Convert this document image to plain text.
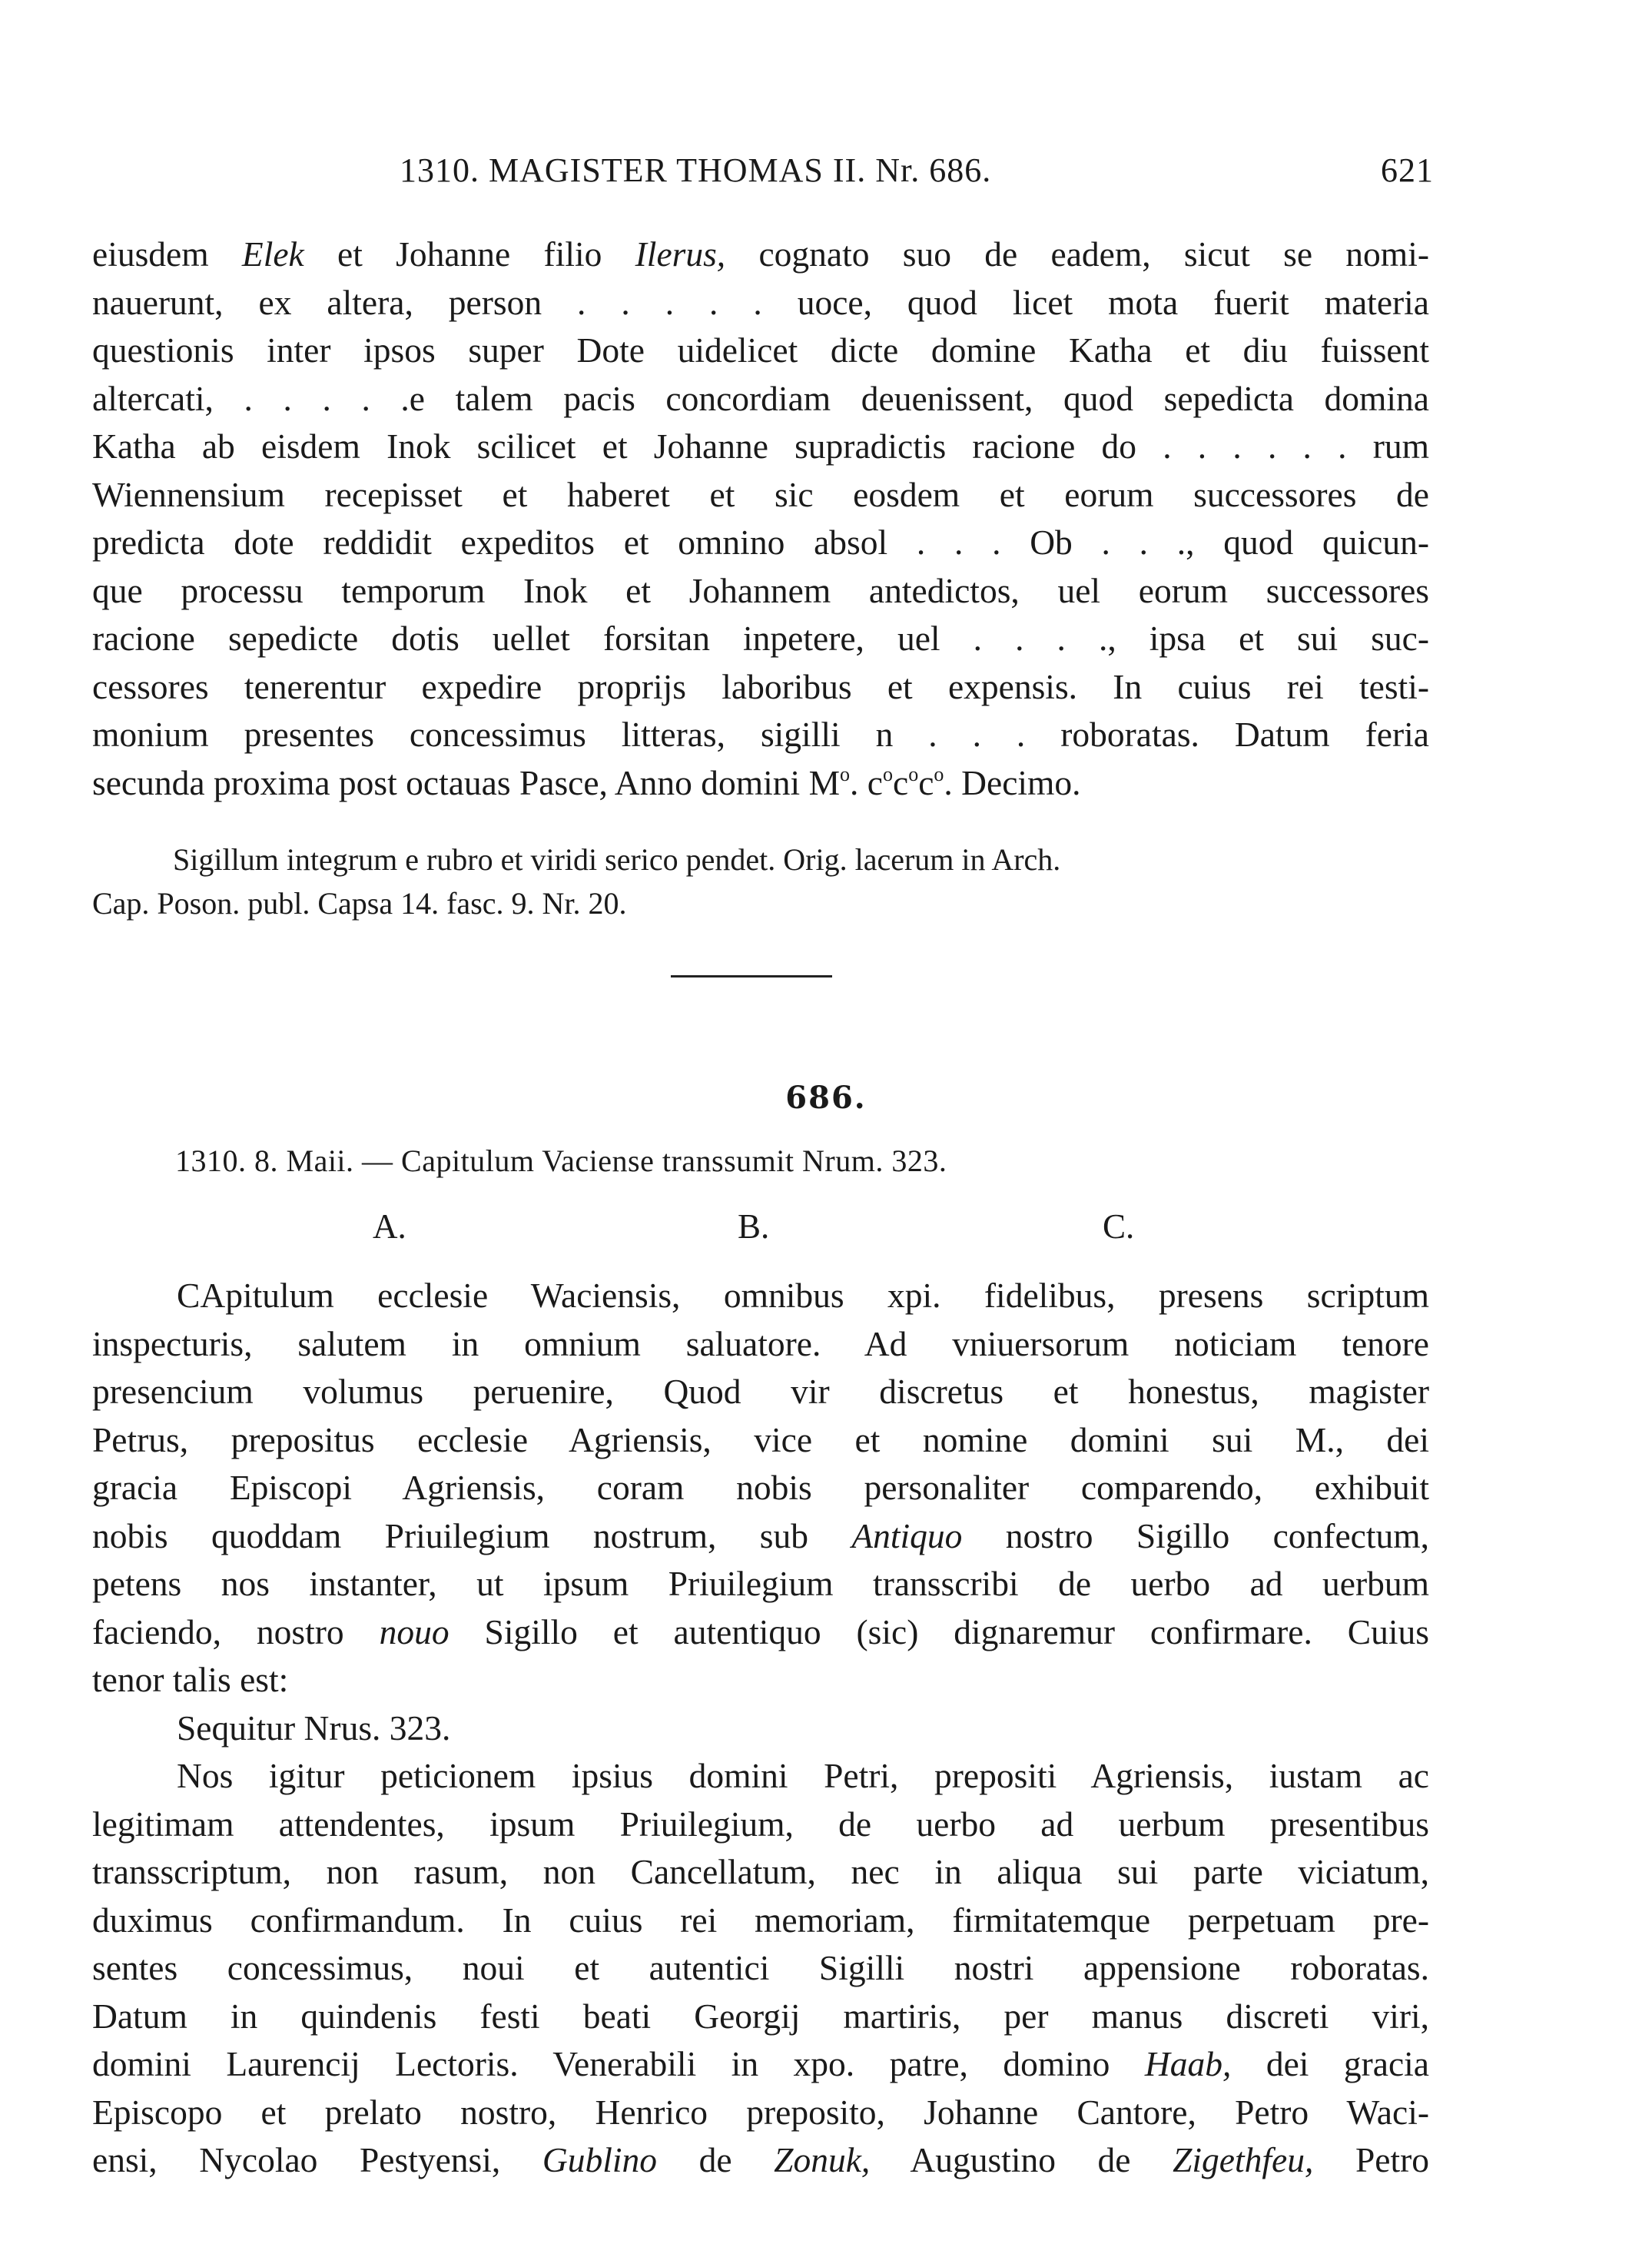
1310. MAGISTER THOMAS II. Nr. 686.	621
eiusdem Elek et Johanne filio Ilerus, cognato suo de eadem, sicut se nomi-
nauerunt, ex altera, person . . . . . uoce, quod licet mota fuerit materia
questionis inter ipsos super Dote uidelicet dicte domine Katha et diu fuissent
altercati, . . . . .e talem pacis concordiam deuenissent, quod sepedicta domina
Katha ab eisdem Inok scilicet et Johanne supradictis racione do . . . . . . rum
Wiennensium recepisset et haberet et sic eosdem et eorum successores de
predicta dote reddidit expeditos et omnino absol . . . Ob . . ., quod quicun-
que processu temporum Inok et Johannem antedictos, uel eorum successores
racione sepedicte dotis uellet forsitan inpetere, uel . . . ., ipsa et sui suc-
cessores tenerentur expedire proprijs laboribus et expensis. In cuius rei testi-
monium presentes concessimus litteras, sigilli n . . . roboratas. Datum feria
secunda proxima post octauas Pasce, Anno domini $M^o$. $c^oc^oc^o$. Decimo.
Sigillum integrum e rubro et viridi serico pendet. Orig. lacerum in Arch.
Cap. Poson. publ. Capsa 14. fasc. 9. Nr. 20.
686.
1310. 8. Maii. — Capitulum Vaciense transsumit Nrum. 323.
A.	B.	C.
CApitulum ecclesie Waciensis, omnibus xpi. fidelibus, presens scriptum
inspecturis, salutem in omnium saluatore. Ad vniuersorum noticiam tenore
presencium volumus peruenire, Quod vir discretus et honestus, magister
Petrus, prepositus ecclesie Agriensis, vice et nomine domini sui M., dei
gracia Episcopi Agriensis, coram nobis personaliter comparendo, exhibuit
nobis quoddam Priuilegium nostrum, sub Antiquo nostro Sigillo confectum,
petens nos instanter, ut ipsum Priuilegium transscribi de uerbo ad uerbum
faciendo, nostro nouo Sigillo et autentiquo (sic) dignaremur confirmare. Cuius
tenor talis est:
Sequitur Nrus. 323.
Nos igitur peticionem ipsius domini Petri, prepositi Agriensis, iustam ac
legitimam attendentes, ipsum Priuilegium, de uerbo ad uerbum presentibus
transscriptum, non rasum, non Cancellatum, nec in aliqua sui parte viciatum,
duximus confirmandum. In cuius rei memoriam, firmitatemque perpetuam pre-
sentes concessimus, noui et autentici Sigilli nostri appensione roboratas.
Datum in quindenis festi beati Georgij martiris, per manus discreti viri,
domini Laurencij Lectoris. Venerabili in xpo. patre, domino Haab, dei gracia
Episcopo et prelato nostro, Henrico preposito, Johanne Cantore, Petro Waci-
ensi, Nycolao Pestyensi, Gublino de Zonuk, Augustino de Zigethfeu, Petro
